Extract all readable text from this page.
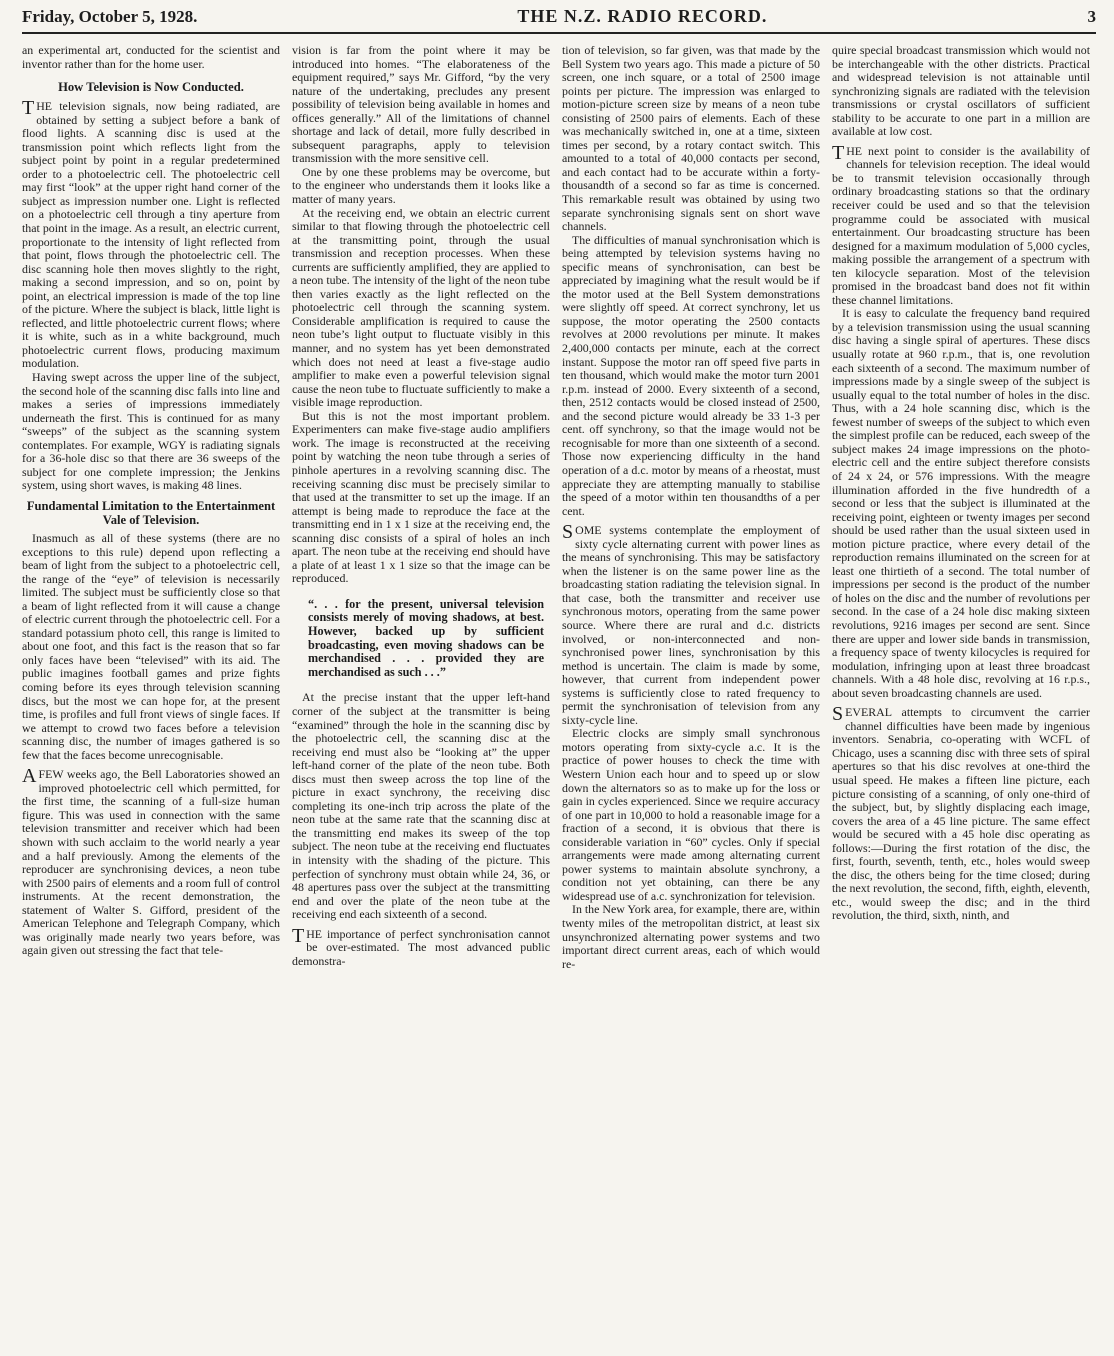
Friday, October 5, 1928.	THE N.Z. RADIO RECORD.	3

an experimental art, conducted for the scientist and inventor rather than for the home user.

How Television is Now Conducted.

THE television signals, now being radiated, are obtained by setting a subject before a bank of flood lights. A scanning disc is used at the transmission point which reflects light from the subject point by point in a regular predetermined order to a photoelectric cell. The photoelectric cell may first “look” at the upper right hand corner of the subject as impression number one. Light is reflected on a photoelectric cell through a tiny aperture from that point in the image. As a result, an electric current, proportionate to the intensity of light reflected from that point, flows through the photoelectric cell. The disc scanning hole then moves slightly to the right, making a second impression, and so on, point by point, an electrical impression is made of the top line of the picture. Where the subject is black, little light is reflected, and little photoelectric current flows; where it is white, such as in a white background, much photoelectric current flows, producing maximum modulation.

Having swept across the upper line of the subject, the second hole of the scanning disc falls into line and makes a series of impressions immediately underneath the first. This is continued for as many “sweeps” of the subject as the scanning system contemplates. For example, WGY is radiating signals for a 36-hole disc so that there are 36 sweeps of the subject for one complete impression; the Jenkins system, using short waves, is making 48 lines.

Fundamental Limitation to the Entertainment Vale of Television.

Inasmuch as all of these systems (there are no exceptions to this rule) depend upon reflecting a beam of light from the subject to a photoelectric cell, the range of the “eye” of television is necessarily limited. The subject must be sufficiently close so that a beam of light reflected from it will cause a change of electric current through the photoelectric cell. For a standard potassium photo cell, this range is limited to about one foot, and this fact is the reason that so far only faces have been “televised” with its aid. The public imagines football games and prize fights coming before its eyes through television scanning discs, but the most we can hope for, at the present time, is profiles and full front views of single faces. If we attempt to crowd two faces before a television scanning disc, the number of images gathered is so few that the faces become unrecognisable.

A FEW weeks ago, the Bell Laboratories showed an improved photoelectric cell which permitted, for the first time, the scanning of a full-size human figure. This was used in connection with the same television transmitter and receiver which had been shown with such acclaim to the world nearly a year and a half previously. Among the elements of the reproducer are synchronising devices, a neon tube with 2500 pairs of elements and a room full of control instruments. At the recent demonstration, the statement of Walter S. Gifford, president of the American Telephone and Telegraph Company, which was originally made nearly two years before, was again given out stressing the fact that tele-

vision is far from the point where it may be introduced into homes. “The elaborateness of the equipment required,” says Mr. Gifford, “by the very nature of the undertaking, precludes any present possibility of television being available in homes and offices generally.” All of the limitations of channel shortage and lack of detail, more fully described in subsequent paragraphs, apply to television transmission with the more sensitive cell.

One by one these problems may be overcome, but to the engineer who understands them it looks like a matter of many years.

At the receiving end, we obtain an electric current similar to that flowing through the photoelectric cell at the transmitting point, through the usual transmission and reception processes. When these currents are sufficiently amplified, they are applied to a neon tube. The intensity of the light of the neon tube then varies exactly as the light reflected on the photoelectric cell through the scanning system. Considerable amplification is required to cause the neon tube’s light output to fluctuate visibly in this manner, and no system has yet been demonstrated which does not need at least a five-stage audio amplifier to make even a powerful television signal cause the neon tube to fluctuate sufficiently to make a visible image reproduction.

But this is not the most important problem. Experimenters can make five-stage audio amplifiers work. The image is reconstructed at the receiving point by watching the neon tube through a series of pinhole apertures in a revolving scanning disc. The receiving scanning disc must be precisely similar to that used at the transmitter to set up the image. If an attempt is being made to reproduce the face at the transmitting end in 1 x 1 size at the receiving end, the scanning disc consists of a spiral of holes an inch apart. The neon tube at the receiving end should have a plate of at least 1 x 1 size so that the image can be reproduced.

“. . . for the present, universal television consists merely of moving shadows, at best. However, backed up by sufficient broadcasting, even moving shadows can be merchandised . . . provided they are merchandised as such . . .”

At the precise instant that the upper left-hand corner of the subject at the transmitter is being “examined” through the hole in the scanning disc by the photoelectric cell, the scanning disc at the receiving end must also be “looking at” the upper left-hand corner of the plate of the neon tube. Both discs must then sweep across the top line of the picture in exact synchrony, the receiving disc completing its one-inch trip across the plate of the neon tube at the same rate that the scanning disc at the transmitting end makes its sweep of the top subject. The neon tube at the receiving end fluctuates in intensity with the shading of the picture. This perfection of synchrony must obtain while 24, 36, or 48 apertures pass over the subject at the transmitting end and over the plate of the neon tube at the receiving end each sixteenth of a second.

THE importance of perfect synchronisation cannot be over-estimated. The most advanced public demonstra-

tion of television, so far given, was that made by the Bell System two years ago. This made a picture of 50 screen, one inch square, or a total of 2500 image points per picture. The impression was enlarged to motion-picture screen size by means of a neon tube consisting of 2500 pairs of elements. Each of these was mechanically switched in, one at a time, sixteen times per second, by a rotary contact switch. This amounted to a total of 40,000 contacts per second, and each contact had to be accurate within a forty-thousandth of a second so far as time is concerned. This remarkable result was obtained by using two separate synchronising signals sent on short wave channels.

The difficulties of manual synchronisation which is being attempted by television systems having no specific means of synchronisation, can best be appreciated by imagining what the result would be if the motor used at the Bell System demonstrations were slightly off speed. At correct synchrony, let us suppose, the motor operating the 2500 contacts revolves at 2000 revolutions per minute. It makes 2,400,000 contacts per minute, each at the correct instant. Suppose the motor ran off speed five parts in ten thousand, which would make the motor turn 2001 r.p.m. instead of 2000. Every sixteenth of a second, then, 2512 contacts would be closed instead of 2500, and the second picture would already be 33 1-3 per cent. off synchrony, so that the image would not be recognisable for more than one sixteenth of a second. Those now experiencing difficulty in the hand operation of a d.c. motor by means of a rheostat, must appreciate they are attempting manually to stabilise the speed of a motor within ten thousandths of a per cent.

SOME systems contemplate the employment of sixty cycle alternating current with power lines as the means of synchronising. This may be satisfactory when the listener is on the same power line as the broadcasting station radiating the television signal. In that case, both the transmitter and receiver use synchronous motors, operating from the same power source. Where there are rural and d.c. districts involved, or non-interconnected and non-synchronised power lines, synchronisation by this method is uncertain. The claim is made by some, however, that current from independent power systems is sufficiently close to rated frequency to permit the synchronisation of television from any sixty-cycle line.

Electric clocks are simply small synchronous motors operating from sixty-cycle a.c. It is the practice of power houses to check the time with Western Union each hour and to speed up or slow down the alternators so as to make up for the loss or gain in cycles experienced. Since we require accuracy of one part in 10,000 to hold a reasonable image for a fraction of a second, it is obvious that there is considerable variation in “60” cycles. Only if special arrangements were made among alternating current power systems to maintain absolute synchrony, a condition not yet obtaining, can there be any widespread use of a.c. synchronization for television.

In the New York area, for example, there are, within twenty miles of the metropolitan district, at least six unsynchronized alternating power systems and two important direct current areas, each of which would re-

quire special broadcast transmission which would not be interchangeable with the other districts. Practical and widespread television is not attainable until synchronizing signals are radiated with the television transmissions or crystal oscillators of sufficient stability to be accurate to one part in a million are available at low cost.

THE next point to consider is the availability of channels for television reception. The ideal would be to transmit television occasionally through ordinary broadcasting stations so that the ordinary receiver could be used and so that the television programme could be associated with musical entertainment. Our broadcasting structure has been designed for a maximum modulation of 5,000 cycles, making possible the arrangement of a spectrum with ten kilocycle separation. Most of the television promised in the broadcast band does not fit within these channel limitations.

It is easy to calculate the frequency band required by a television transmission using the usual scanning disc having a single spiral of apertures. These discs usually rotate at 960 r.p.m., that is, one revolution each sixteenth of a second. The maximum number of impressions made by a single sweep of the subject is usually equal to the total number of holes in the disc. Thus, with a 24 hole scanning disc, which is the fewest number of sweeps of the subject to which even the simplest profile can be reduced, each sweep of the subject makes 24 image impressions on the photo-electric cell and the entire subject therefore consists of 24 x 24, or 576 impressions. With the meagre illumination afforded in the five hundredth of a second or less that the subject is illuminated at the receiving point, eighteen or twenty images per second should be used rather than the usual sixteen used in motion picture practice, where every detail of the reproduction remains illuminated on the screen for at least one thirtieth of a second. The total number of impressions per second is the product of the number of holes on the disc and the number of revolutions per second. In the case of a 24 hole disc making sixteen revolutions, 9216 images per second are sent. Since there are upper and lower side bands in transmission, a frequency space of twenty kilocycles is required for modulation, infringing upon at least three broadcast channels. With a 48 hole disc, revolving at 16 r.p.s., about seven broadcasting channels are used.

SEVERAL attempts to circumvent the carrier channel difficulties have been made by ingenious inventors. Senabria, co-operating with WCFL of Chicago, uses a scanning disc with three sets of spiral apertures so that his disc revolves at one-third the usual speed. He makes a fifteen line picture, each picture consisting of a scanning, of only one-third of the subject, but, by slightly displacing each image, covers the area of a 45 line picture. The same effect would be secured with a 45 hole disc operating as follows:—During the first rotation of the disc, the first, fourth, seventh, tenth, etc., holes would sweep the disc, the others being for the time closed; during the next revolution, the second, fifth, eighth, eleventh, etc., would sweep the disc; and in the third revolution, the third, sixth, ninth, and
